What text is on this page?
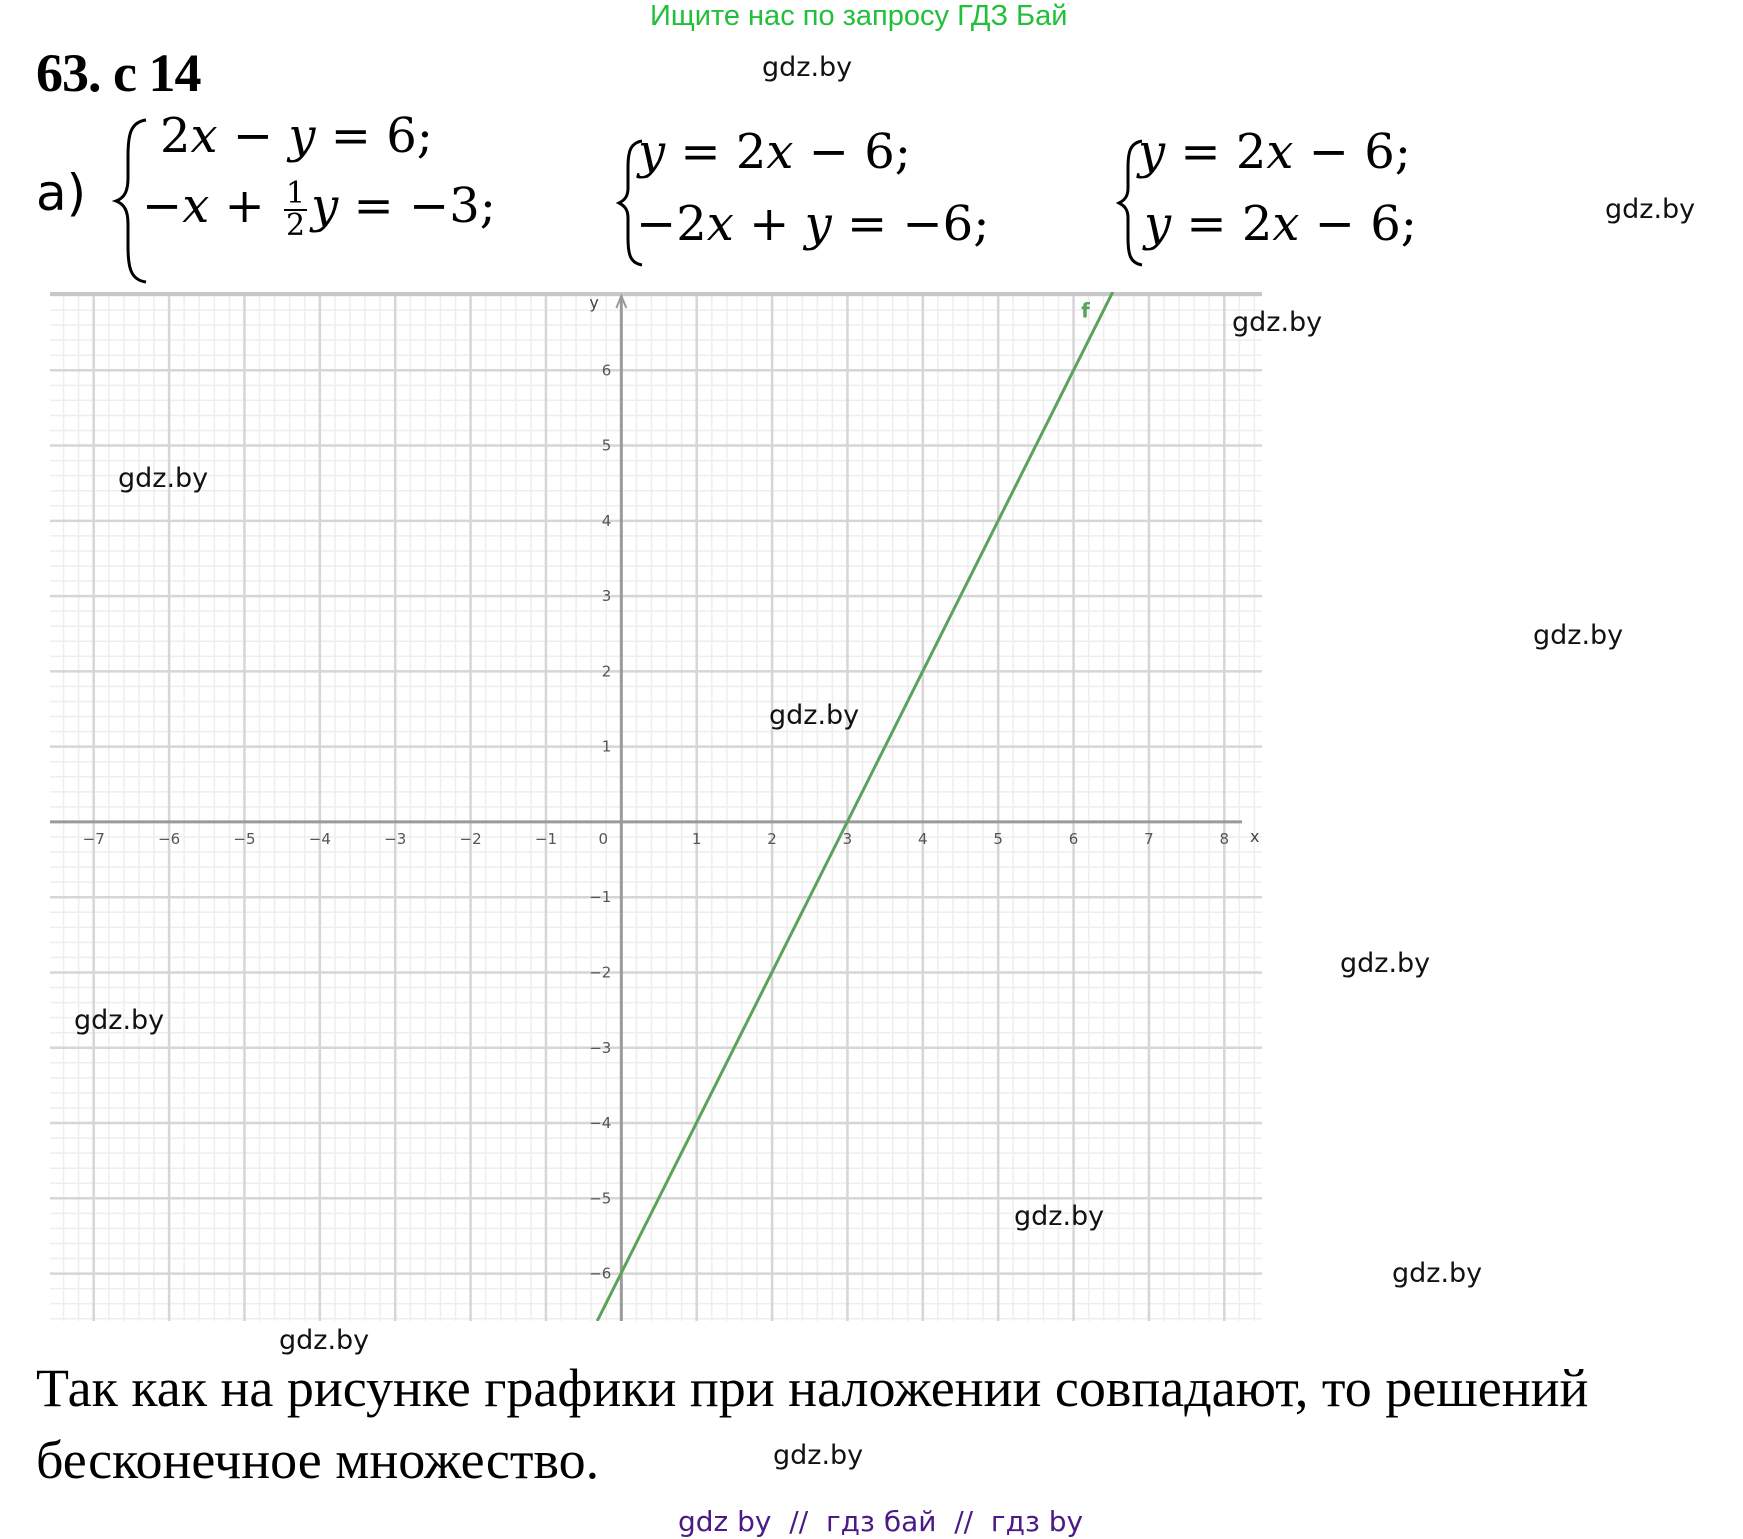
Ищите нас по запросу ГДЗ Бай
63. с 14	gdz.by
gdz.by
gdz.by
gdz.by
gdz.by
gdz.by
gdz.by
gdz.by
gdz.by
gdz.by
gdz.by
gdz.by
а)
2x − y = 6;
$-x + \frac{1}{2}$ y = −3;
y = 2x − 6;
−2x + y = −6;
y = 2x − 6;
y = 2x − 6;
−7	−6	−5	−4	−3	−2	−1	0	1	2	3	4	5	6	7	8
−6
−5
−4
−3
−2
−1
1
2
3
4
5
6
x
y	f
Так как на рисунке графики при наложении совпадают, то решений бесконечное множество.
gdz by  //  гдз бай  //  гдз by
